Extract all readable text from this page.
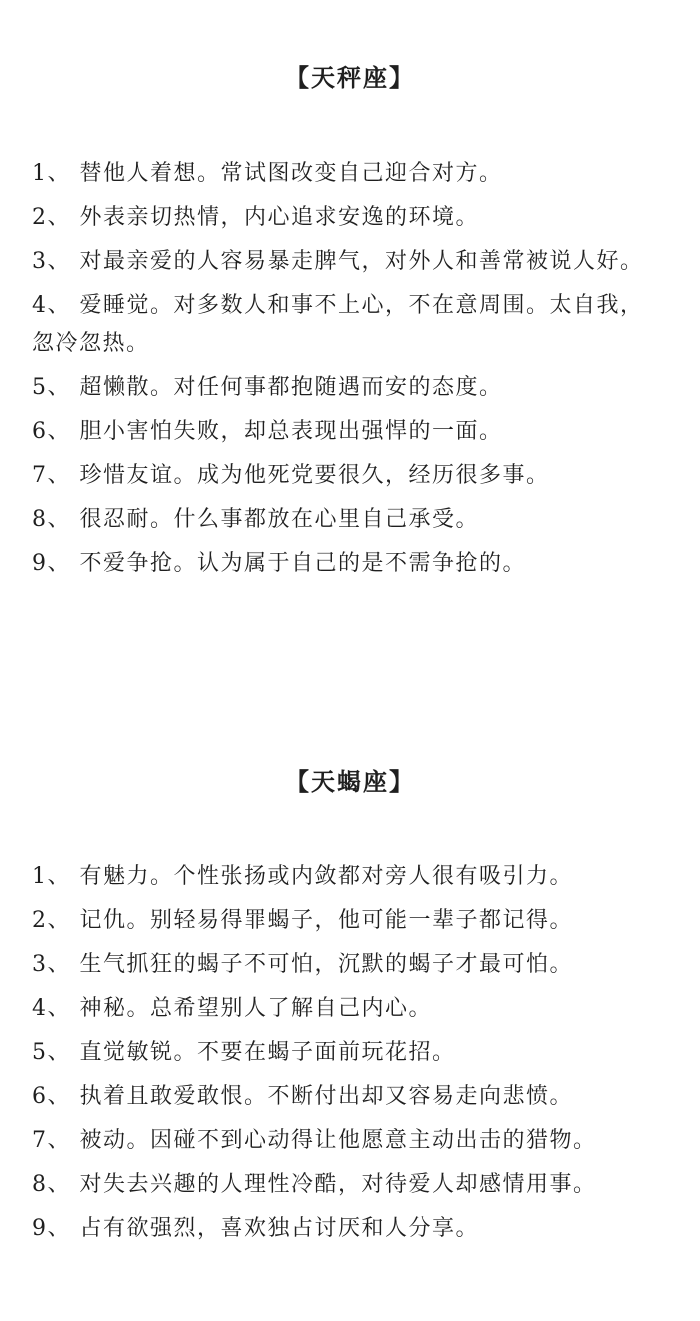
【天秤座】
1、 替他人着想。常试图改变自己迎合对方。
2、 外表亲切热情，内心追求安逸的环境。
3、 对最亲爱的人容易暴走脾气，对外人和善常被说人好。
4、 爱睡觉。对多数人和事不上心，不在意周围。太自我，忽冷忽热。
5、 超懒散。对任何事都抱随遇而安的态度。
6、 胆小害怕失败，却总表现出强悍的一面。
7、 珍惜友谊。成为他死党要很久，经历很多事。
8、 很忍耐。什么事都放在心里自己承受。
9、 不爱争抢。认为属于自己的是不需争抢的。
【天蝎座】
1、 有魅力。个性张扬或内敛都对旁人很有吸引力。
2、 记仇。别轻易得罪蝎子，他可能一辈子都记得。
3、 生气抓狂的蝎子不可怕，沉默的蝎子才最可怕。
4、 神秘。总希望别人了解自己内心。
5、 直觉敏锐。不要在蝎子面前玩花招。
6、 执着且敢爱敢恨。不断付出却又容易走向悲愤。
7、 被动。因碰不到心动得让他愿意主动出击的猎物。
8、 对失去兴趣的人理性冷酷，对待爱人却感情用事。
9、 占有欲强烈，喜欢独占讨厌和人分享。
